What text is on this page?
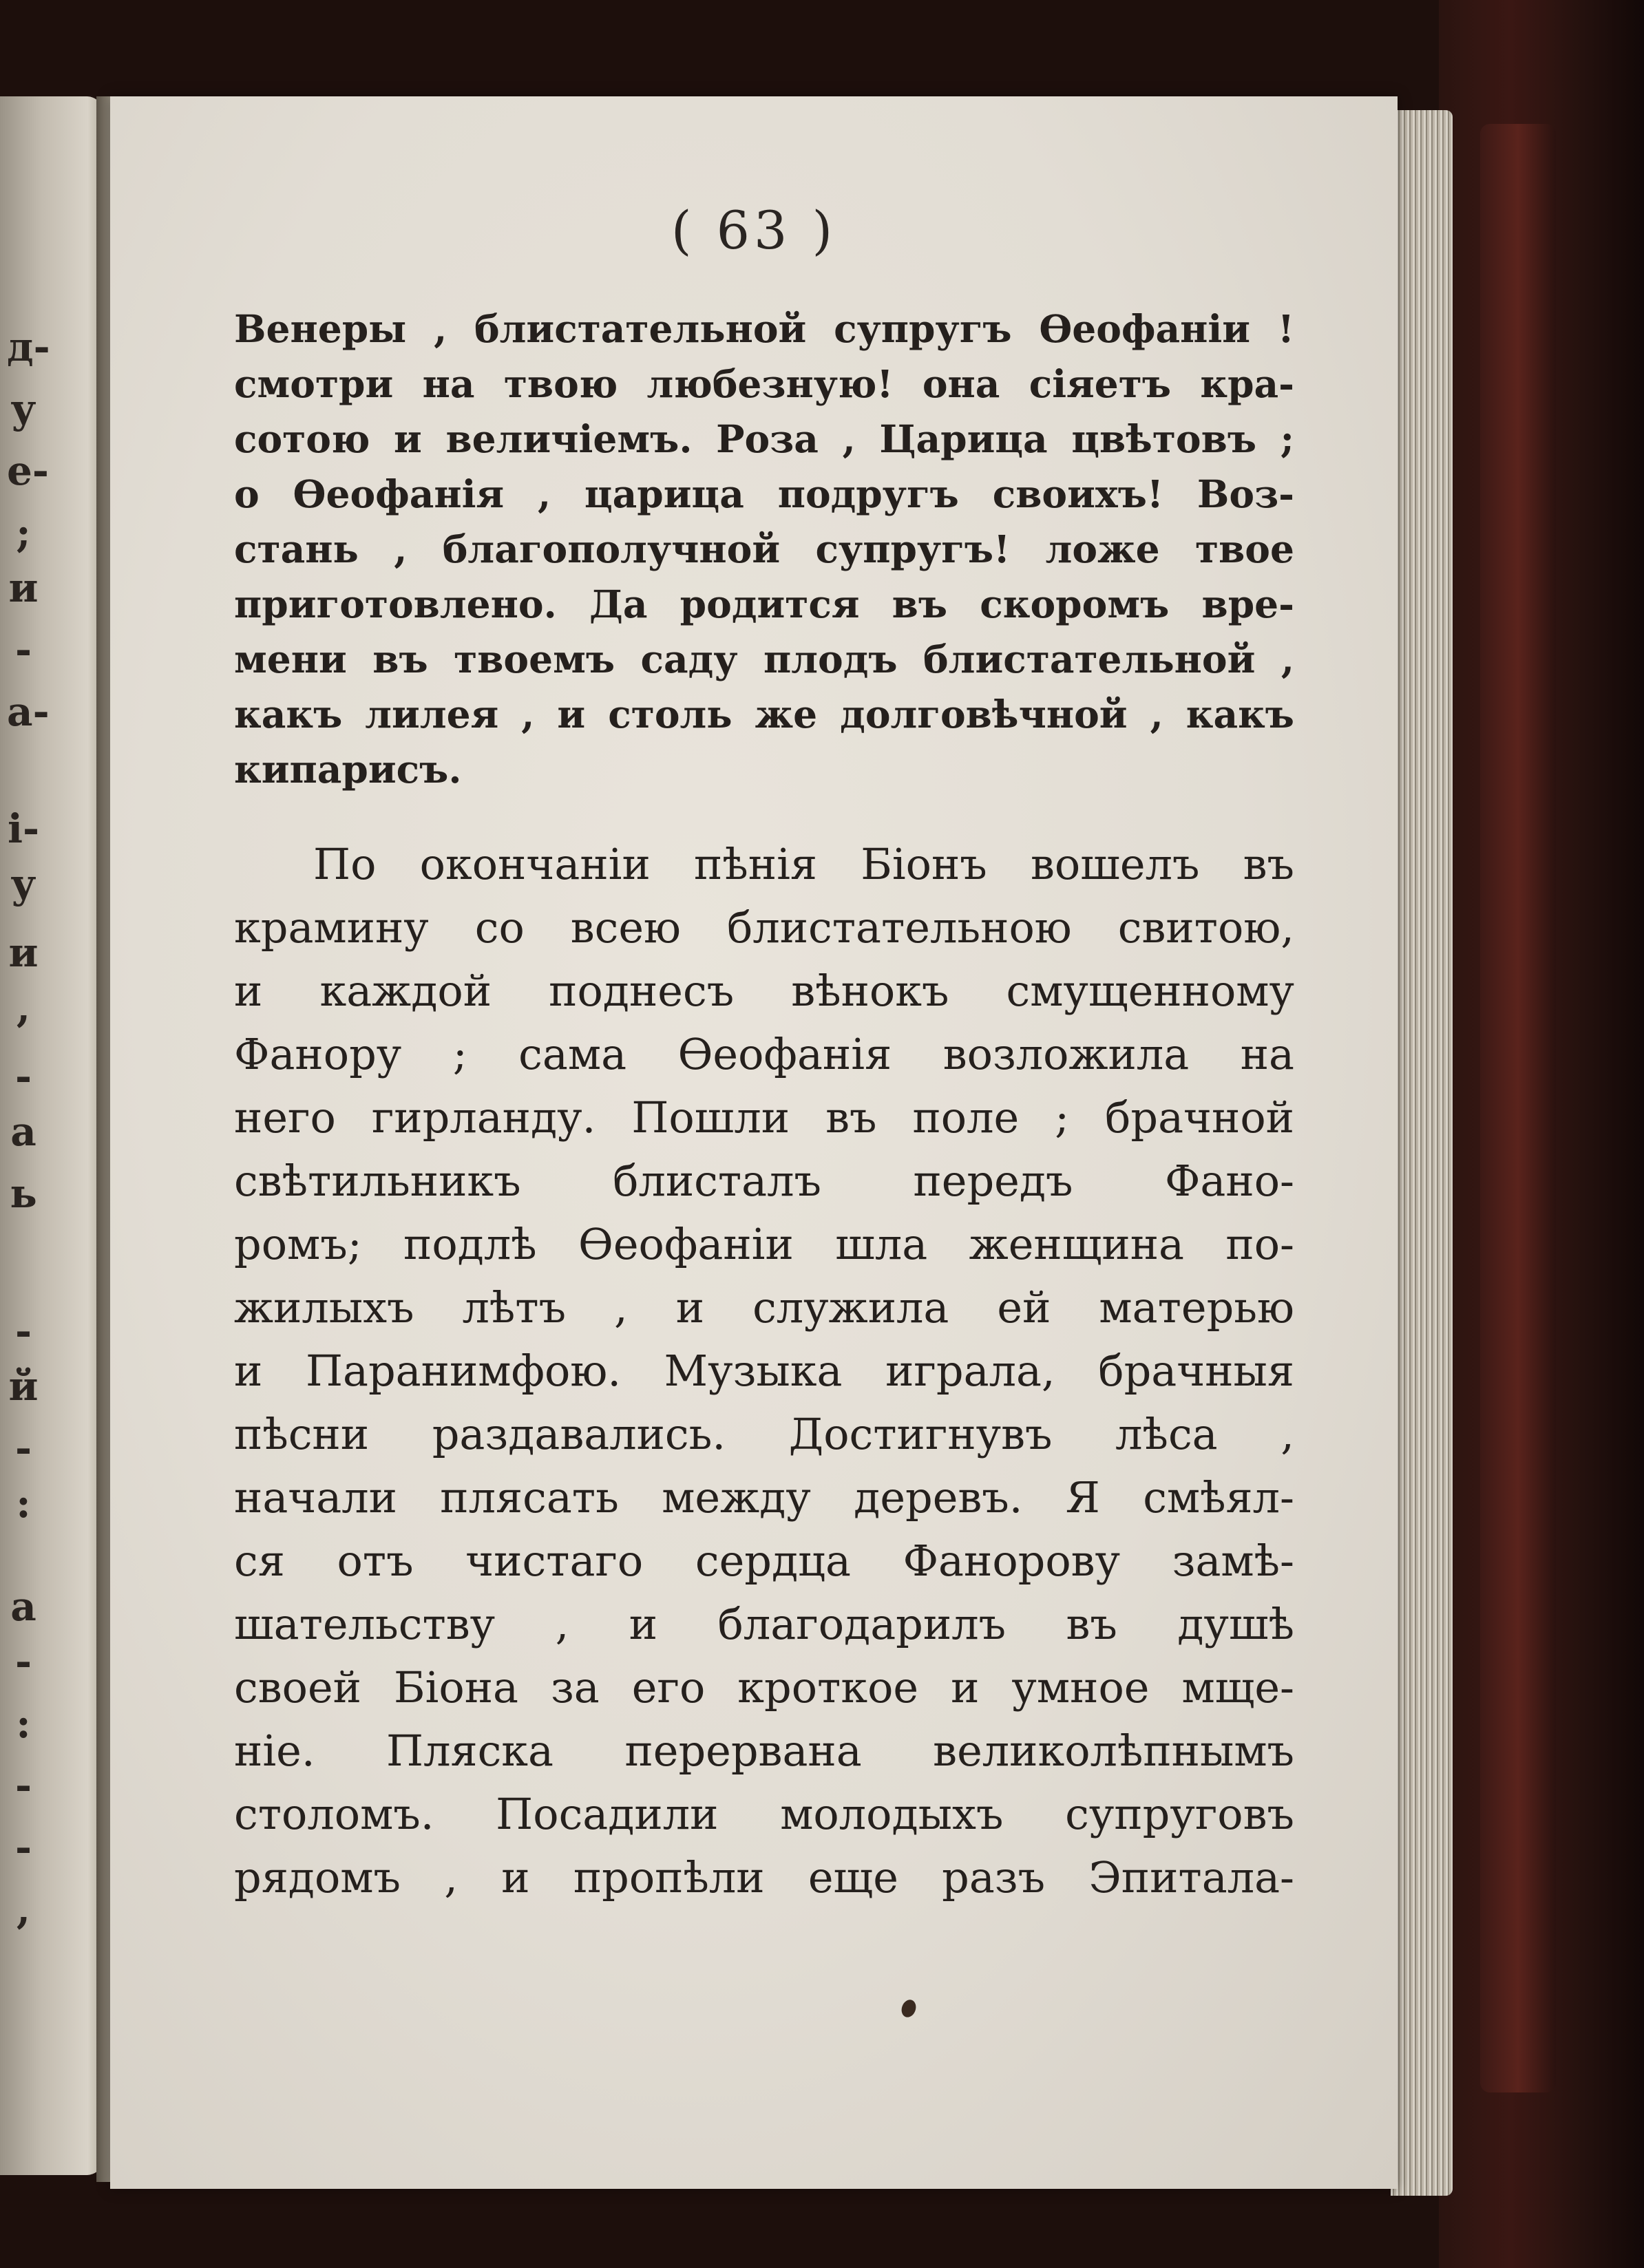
д-
у
е-
;
и
-
а-
і-
у
и
,
-
а
ь
-
й
-
:
а
-
:
-
-
,
( 63 )
Венеры , блистательной супругъ Ѳеофаніи !
смотри на твою любезную! она сіяетъ кра-
сотою и величіемъ. Роза , Царица цвѣтовъ ;
о Ѳеофанія , царица подругъ своихъ! Воз-
стань , благополучной супругъ! ложе твое
приготовлено. Да родится въ скоромъ вре-
мени въ твоемъ саду плодъ блистательной ,
какъ лилея , и столь же долговѣчной , какъ
кипарисъ.
По окончаніи пѣнія Біонъ вошелъ въ
крамину со всею блистательною свитою,
и каждой поднесъ вѣнокъ смущенному
Фанору ; сама Ѳеофанія возложила на
него гирланду. Пошли въ поле ; брачной
свѣтильникъ блисталъ передъ Фано-
ромъ; подлѣ Ѳеофаніи шла женщина по-
жилыхъ лѣтъ , и служила ей матерью
и Паранимфою. Музыка играла, брачныя
пѣсни раздавались. Достигнувъ лѣса ,
начали плясать между деревъ. Я смѣял-
ся отъ чистаго сердца Фанорову замѣ-
шательству , и благодарилъ въ душѣ
своей Біона за его кроткое и умное мще-
ніе. Пляска перервана великолѣпнымъ
столомъ. Посадили молодыхъ супруговъ
рядомъ , и пропѣли еще разъ Эпитала-
